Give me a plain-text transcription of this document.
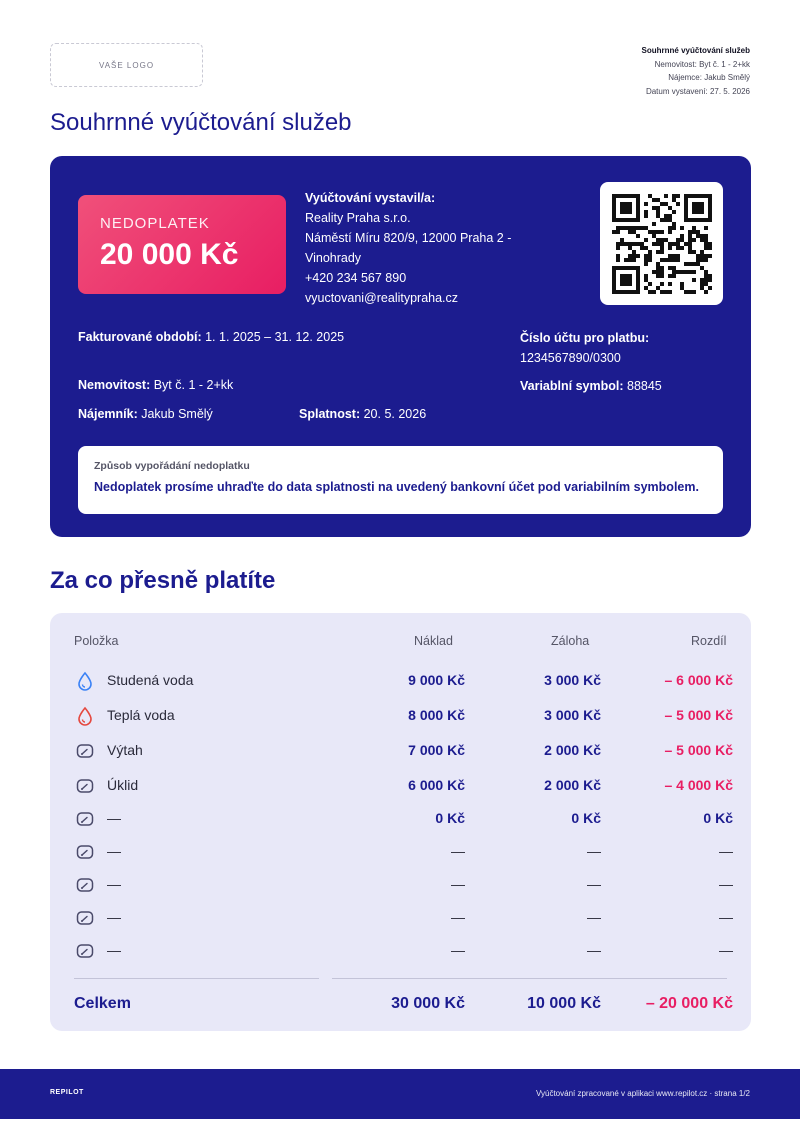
VAŠE LOGO
Souhrnné vyúčtování služeb
Nemovitost: Byt č. 1 - 2+kk
Nájemce: Jakub Smělý
Datum vystavení: 27. 5. 2026
Souhrnné vyúčtování služeb
NEDOPLATEK
20 000 Kč
Vyúčtování vystavil/a:
Reality Praha s.r.o.
Náměstí Míru 820/9, 12000 Praha 2 -
Vinohrady
+420 234 567 890
vyuctovani@realitypraha.cz
Fakturované období: 1. 1. 2025 – 31. 12. 2025
Nemovitost: Byt č. 1 - 2+kk
Nájemník: Jakub Smělý	Splatnost: 20. 5. 2026
Číslo účtu pro platbu:
1234567890/0300
Variablní symbol: 88845
Způsob vypořádání nedoplatku
Nedoplatek prosíme uhraďte do data splatnosti na uvedený bankovní účet pod variabilním symbolem.
Za co přesně platíte
Položka	Náklad	Záloha	Rozdíl
Studená voda	9 000 Kč	3 000 Kč	– 6 000 Kč
Teplá voda	8 000 Kč	3 000 Kč	– 5 000 Kč
Výtah	7 000 Kč	2 000 Kč	– 5 000 Kč
Úklid	6 000 Kč	2 000 Kč	– 4 000 Kč
—	0 Kč	0 Kč	0 Kč
—	—	—	—
—	—	—	—
—	—	—	—
—	—	—	—
Celkem	30 000 Kč	10 000 Kč	– 20 000 Kč
REPILOT	Vyúčtování zpracované v aplikaci www.repilot.cz · strana 1/2
